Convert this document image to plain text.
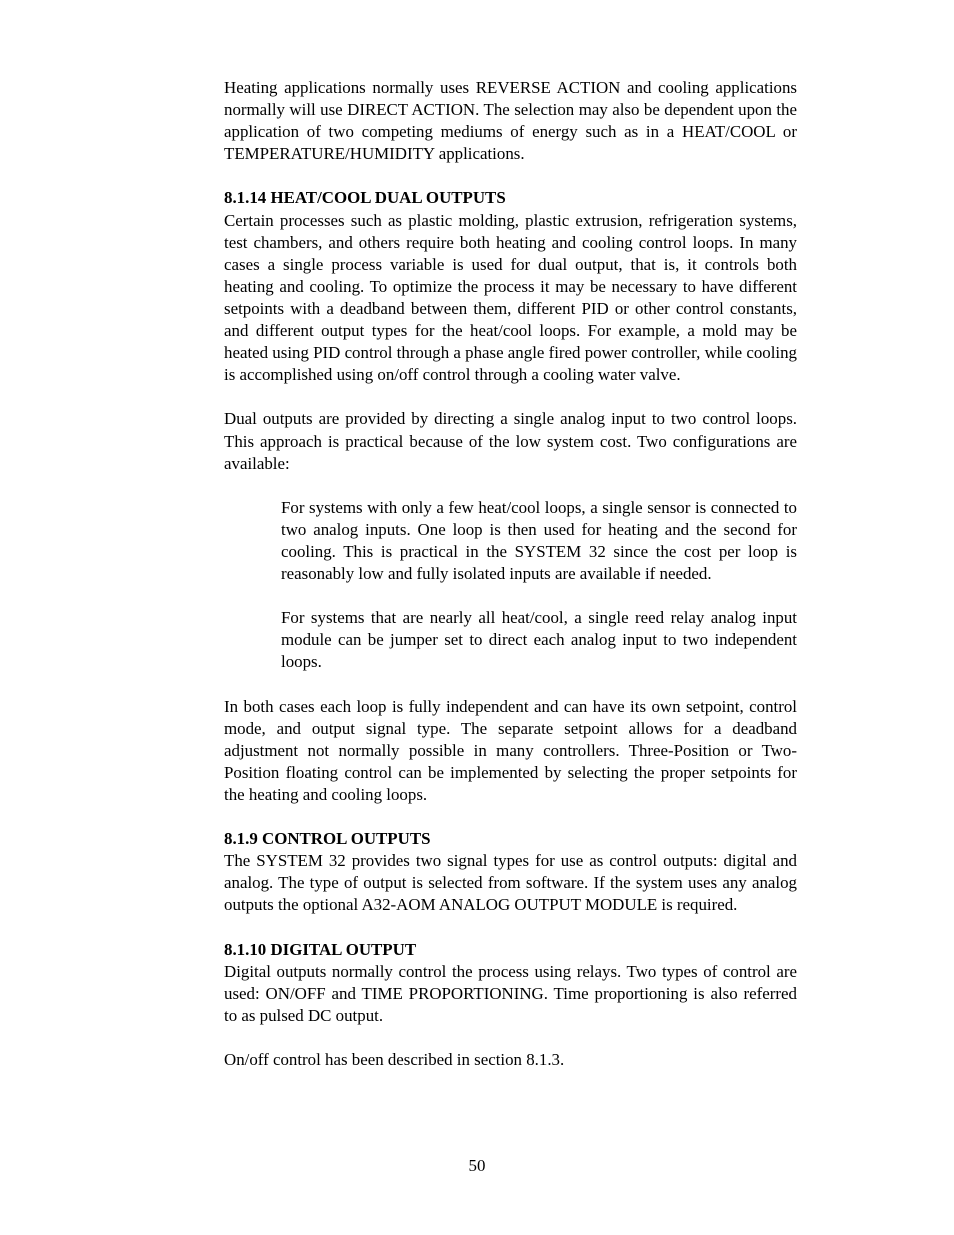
Heating applications normally uses REVERSE ACTION and cooling applications normally will use DIRECT ACTION. The selection may also be dependent upon the application of two competing mediums of energy such as in a HEAT/COOL or TEMPERATURE/HUMIDITY applications.

8.1.14 HEAT/COOL DUAL OUTPUTS

Certain processes such as plastic molding, plastic extrusion, refrigeration systems, test chambers, and others require both heating and cooling control loops. In many cases a single process variable is used for dual output, that is, it controls both heating and cooling. To optimize the process it may be necessary to have different setpoints with a deadband between them, different PID or other control constants, and different output types for the heat/cool loops. For example, a mold may be heated using PID control through a phase angle fired power controller, while cooling is accomplished using on/off control through a cooling water valve.

Dual outputs are provided by directing a single analog input to two control loops. This approach is practical because of the low system cost. Two configurations are available:

For systems with only a few heat/cool loops, a single sensor is connected to two analog inputs. One loop is then used for heating and the second for cooling. This is practical in the SYSTEM 32 since the cost per loop is reasonably low and fully isolated inputs are available if needed.

For systems that are nearly all heat/cool, a single reed relay analog input module can be jumper set to direct each analog input to two independent loops.

In both cases each loop is fully independent and can have its own setpoint, control mode, and output signal type. The separate setpoint allows for a deadband adjustment not normally possible in many controllers. Three-Position or Two-Position floating control can be implemented by selecting the proper setpoints for the heating and cooling loops.

8.1.9 CONTROL OUTPUTS

The SYSTEM 32 provides two signal types for use as control outputs: digital and analog. The type of output is selected from software. If the system uses any analog outputs the optional A32-AOM ANALOG OUTPUT MODULE is required.

8.1.10 DIGITAL OUTPUT

Digital outputs normally control the process using relays. Two types of control are used: ON/OFF and TIME PROPORTIONING. Time proportioning is also referred to as pulsed DC output.

On/off control has been described in section 8.1.3.

50
